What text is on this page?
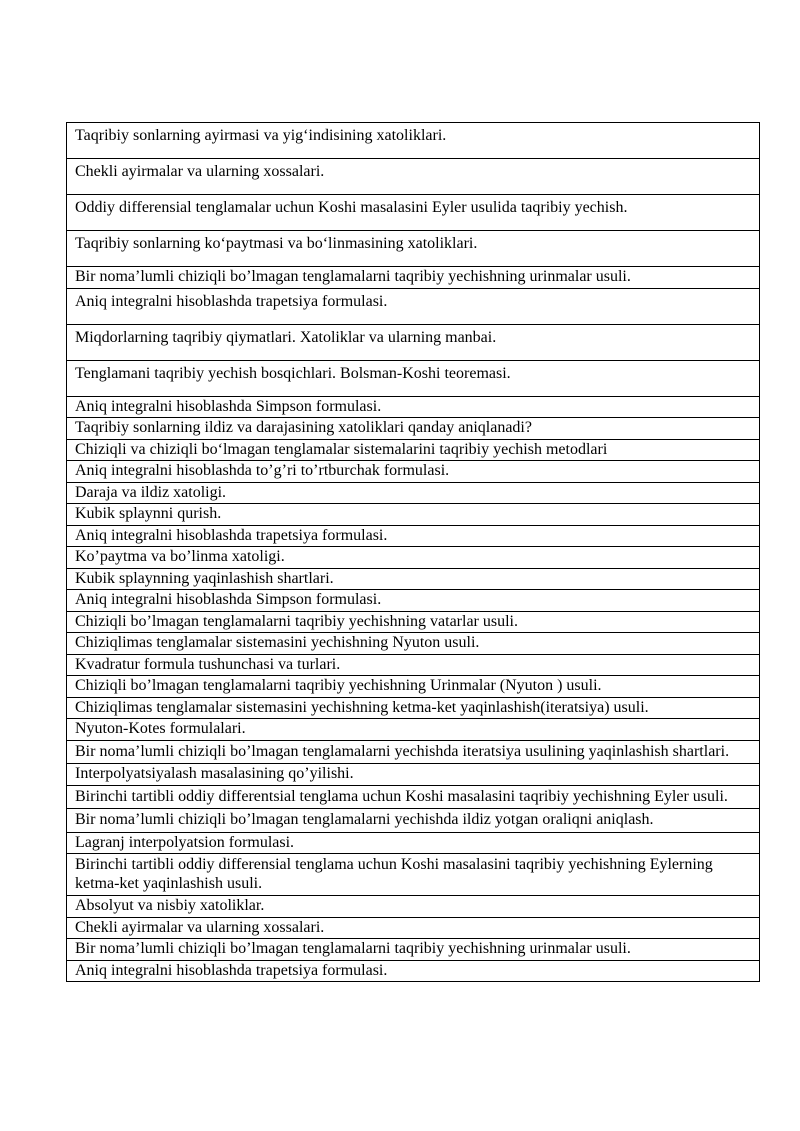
Taqribiy sonlarning ayirmasi va yig‘indisining xatoliklari.
Chekli ayirmalar va ularning xossalari.
Oddiy differensial tenglamalar uchun Koshi masalasini Eyler usulida taqribiy yechish.
Taqribiy sonlarning ko‘paytmasi va bo‘linmasining xatoliklari.
Bir noma’lumli chiziqli bo’lmagan tenglamalarni taqribiy yechishning urinmalar usuli.
Aniq integralni hisoblashda trapetsiya formulasi.
Miqdorlarning taqribiy qiymatlari. Xatoliklar va ularning manbai.
Tenglamani taqribiy yechish bosqichlari. Bolsman-Koshi teoremasi.
Aniq integralni hisoblashda Simpson formulasi.
Taqribiy sonlarning ildiz va darajasining xatoliklari qanday aniqlanadi?
Chiziqli va chiziqli bo‘lmagan tenglamalar sistemalarini taqribiy yechish metodlari
Aniq integralni hisoblashda to’g’ri to’rtburchak formulasi.
Daraja va ildiz xatoligi.
Kubik splaynni qurish.
Aniq integralni hisoblashda trapetsiya formulasi.
Ko’paytma va bo’linma xatoligi.
Kubik splaynning yaqinlashish shartlari.
Aniq integralni hisoblashda Simpson formulasi.
Chiziqli bo’lmagan tenglamalarni taqribiy yechishning vatarlar usuli.
Chiziqlimas tenglamalar sistemasini yechishning Nyuton usuli.
Kvadratur formula tushunchasi va turlari.
Chiziqli bo’lmagan tenglamalarni taqribiy yechishning Urinmalar (Nyuton ) usuli.
Chiziqlimas tenglamalar sistemasini yechishning ketma-ket yaqinlashish(iteratsiya) usuli.
Nyuton-Kotes formulalari.
Bir noma’lumli chiziqli bo’lmagan tenglamalarni yechishda iteratsiya usulining yaqinlashish shartlari.
Interpolyatsiyalash masalasining qo’yilishi.
Birinchi tartibli oddiy differentsial tenglama uchun Koshi masalasini taqribiy yechishning Eyler usuli.
Bir noma’lumli chiziqli bo’lmagan tenglamalarni yechishda ildiz yotgan oraliqni aniqlash.
Lagranj interpolyatsion formulasi.
Birinchi tartibli oddiy differensial tenglama uchun Koshi masalasini taqribiy yechishning Eylerning ketma-ket yaqinlashish usuli.
Absolyut va nisbiy xatoliklar.
Chekli ayirmalar va ularning xossalari.
Bir noma’lumli chiziqli bo’lmagan tenglamalarni taqribiy yechishning urinmalar usuli.
Aniq integralni hisoblashda trapetsiya formulasi.
